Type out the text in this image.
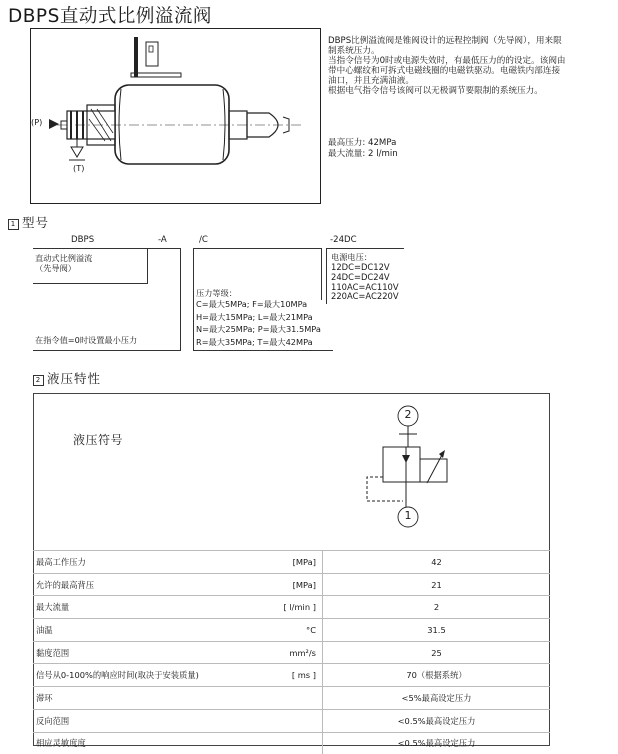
DBPS直动式比例溢流阀
(P)
(T)
DBPS比例溢流阀是锥阀设计的远程控制阀（先导阀），用来限
制系统压力。
当指令信号为0时或电源失效时，有最低压力的的设定。该阀由
带中心螺纹和可拆式电磁线圈的电磁铁驱动。电磁铁内部连接
油口，并且充满油液。
根据电气指令信号该阀可以无极调节要限制的系统压力。
最高压力: 42MPa
最大流量: 2 l/min
1 型号
DBPS	-A	/C	-24DC
直动式比例溢流
（先导阀）
在指令值=0时设置最小压力
压力等级：
C=最大5MPa; F=最大10MPa
H=最大15MPa; L=最大21MPa
N=最大25MPa; P=最大31.5MPa
R=最大35MPa; T=最大42MPa
电源电压：
12DC=DC12V
24DC=DC24V
110AC=AC110V
220AC=AC220V
2 液压特性
液压符号
2
1
最高工作压力	[MPa]	42
允许的最高背压	[MPa]	21
最大流量	[ l/min ]	2
油温	°C	31.5
黏度范围	mm²/s	25
信号从0-100%的响应时间(取决于安装质量)	[ ms ]	70（根据系统）
滞环		<5%最高设定压力
反向范围		<0.5%最高设定压力
相应灵敏度度		<0.5%最高设定压力
